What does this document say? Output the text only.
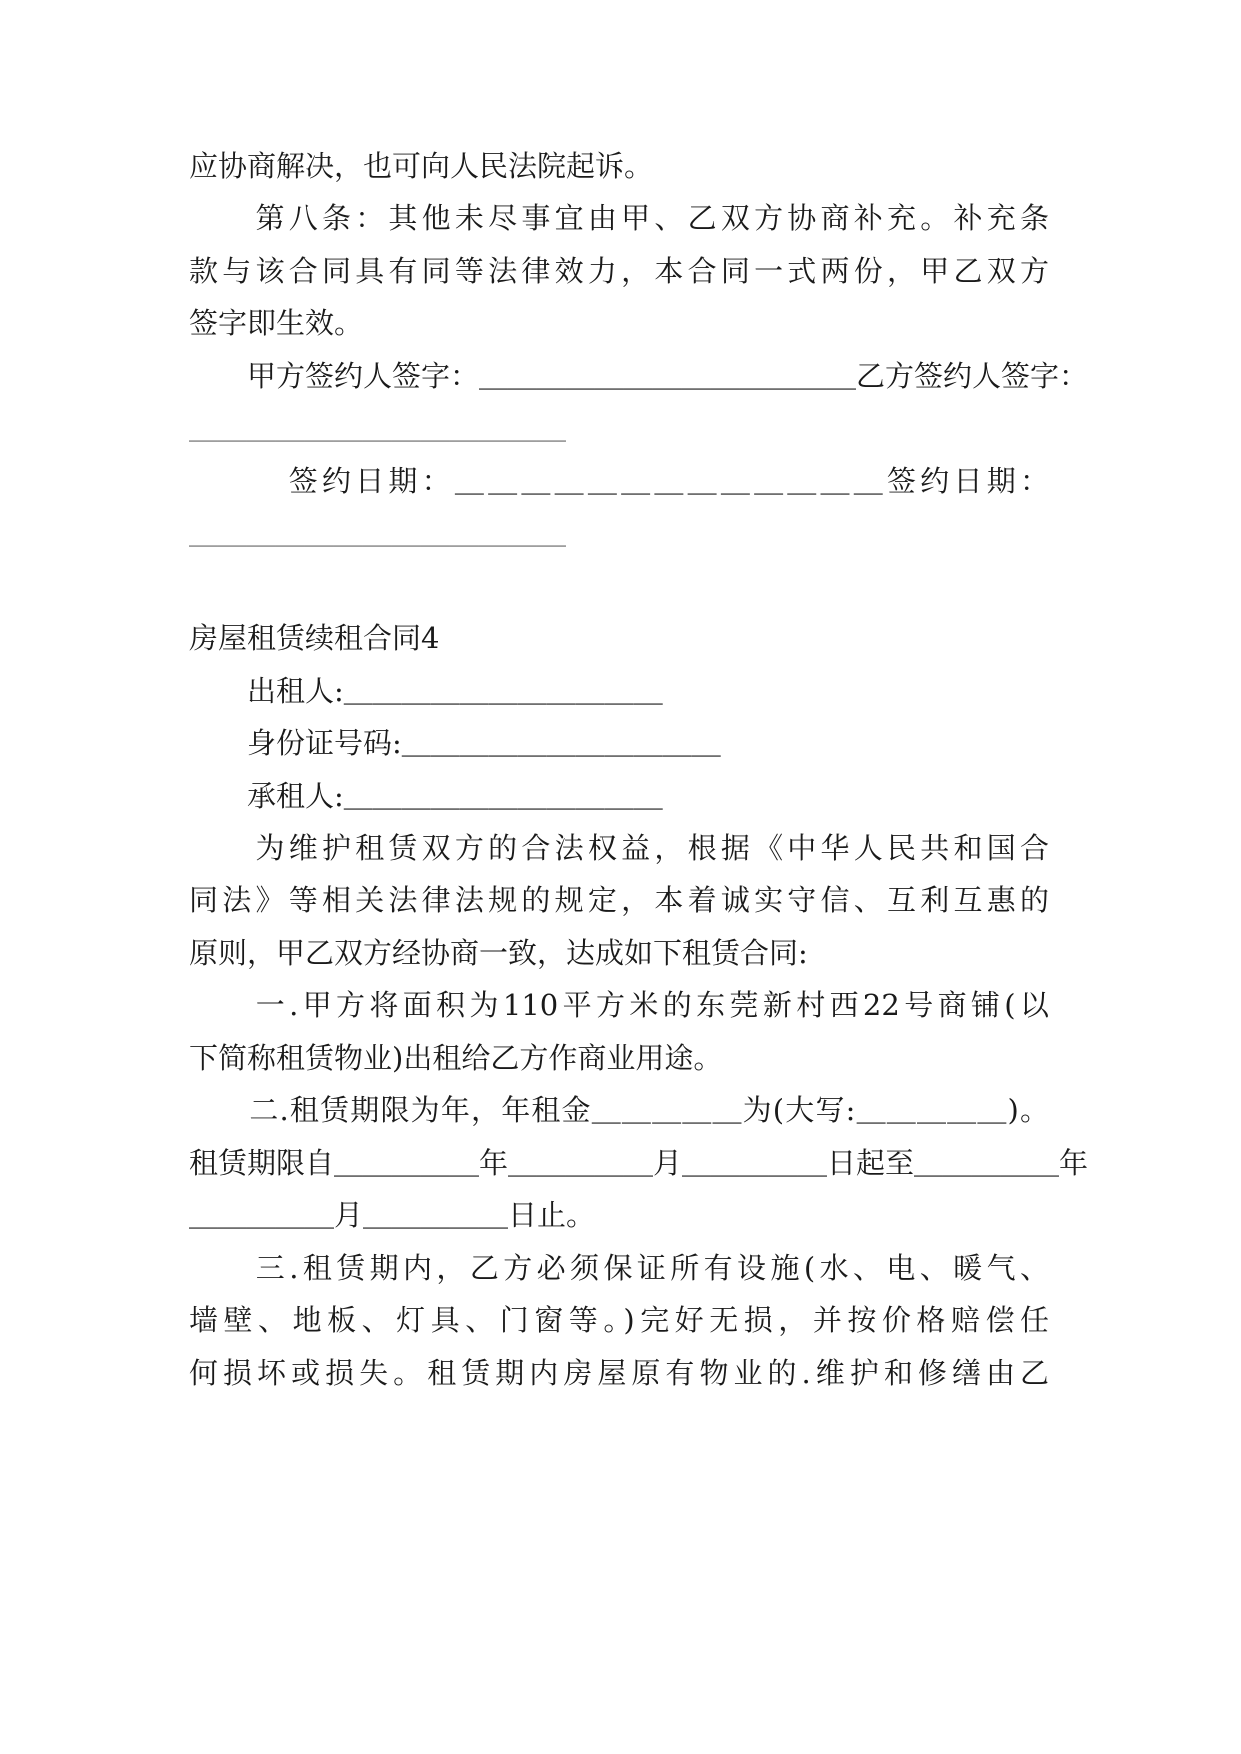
应协商解决，也可向人民法院起诉。
　　第八条：其他未尽事宜由甲、乙双方协商补充。补充条
款与该合同具有同等法律效力，本合同一式两份，甲乙双方
签字即生效。
　　甲方签约人签字：＿＿＿＿＿＿＿＿＿＿＿＿＿乙方签约人签字：
＿＿＿＿＿＿＿＿＿＿＿＿＿
　　　签约日期：＿＿＿＿＿＿＿＿＿＿＿＿＿签约日期：
＿＿＿＿＿＿＿＿＿＿＿＿＿
房屋租赁续租合同4
　　出租人:＿＿＿＿＿＿＿＿＿＿＿
　　身份证号码:＿＿＿＿＿＿＿＿＿＿＿
　　承租人:＿＿＿＿＿＿＿＿＿＿＿
　　为维护租赁双方的合法权益，根据《中华人民共和国合
同法》等相关法律法规的规定，本着诚实守信、互利互惠的
原则，甲乙双方经协商一致，达成如下租赁合同:
　　一.甲方将面积为110平方米的东莞新村西22号商铺(以
下简称租赁物业)出租给乙方作商业用途。
　　二.租赁期限为年，年租金＿＿＿＿＿为(大写:＿＿＿＿＿)。
租赁期限自＿＿＿＿＿年＿＿＿＿＿月＿＿＿＿＿日起至＿＿＿＿＿年
＿＿＿＿＿月＿＿＿＿＿日止。
　　三.租赁期内，乙方必须保证所有设施(水、电、暖气、
墙壁、地板、灯具、门窗等。)完好无损，并按价格赔偿任
何损坏或损失。租赁期内房屋原有物业的.维护和修缮由乙
